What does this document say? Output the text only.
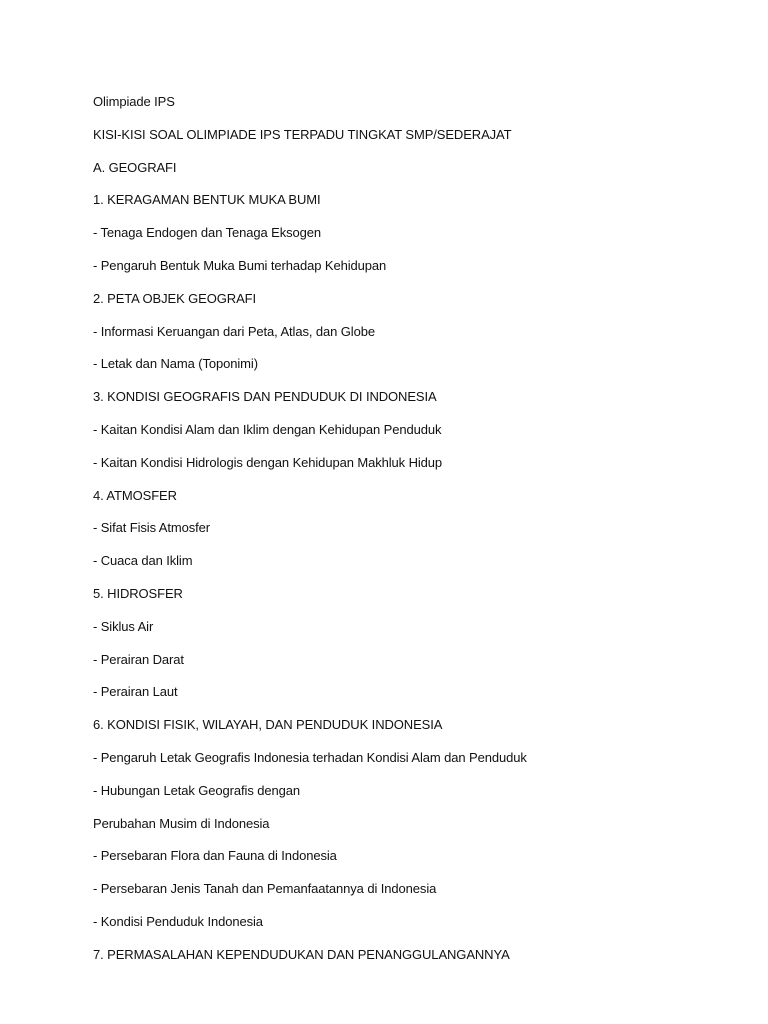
Olimpiade IPS
KISI-KISI SOAL OLIMPIADE IPS TERPADU TINGKAT SMP/SEDERAJAT
A. GEOGRAFI
1. KERAGAMAN BENTUK MUKA BUMI
- Tenaga Endogen dan Tenaga Eksogen
- Pengaruh Bentuk Muka Bumi terhadap Kehidupan
2. PETA OBJEK GEOGRAFI
- Informasi Keruangan dari Peta, Atlas, dan Globe
- Letak dan Nama (Toponimi)
3. KONDISI GEOGRAFIS DAN PENDUDUK DI INDONESIA
- Kaitan Kondisi Alam dan Iklim dengan Kehidupan Penduduk
- Kaitan Kondisi Hidrologis dengan Kehidupan Makhluk Hidup
4. ATMOSFER
- Sifat Fisis Atmosfer
- Cuaca dan Iklim
5. HIDROSFER
- Siklus Air
- Perairan Darat
- Perairan Laut
6. KONDISI FISIK, WILAYAH, DAN PENDUDUK INDONESIA
- Pengaruh Letak Geografis Indonesia terhadan Kondisi Alam dan Penduduk
- Hubungan Letak Geografis dengan
Perubahan Musim di Indonesia
- Persebaran Flora dan Fauna di Indonesia
- Persebaran Jenis Tanah dan Pemanfaatannya di Indonesia
- Kondisi Penduduk Indonesia
7. PERMASALAHAN KEPENDUDUKAN DAN PENANGGULANGANNYA
